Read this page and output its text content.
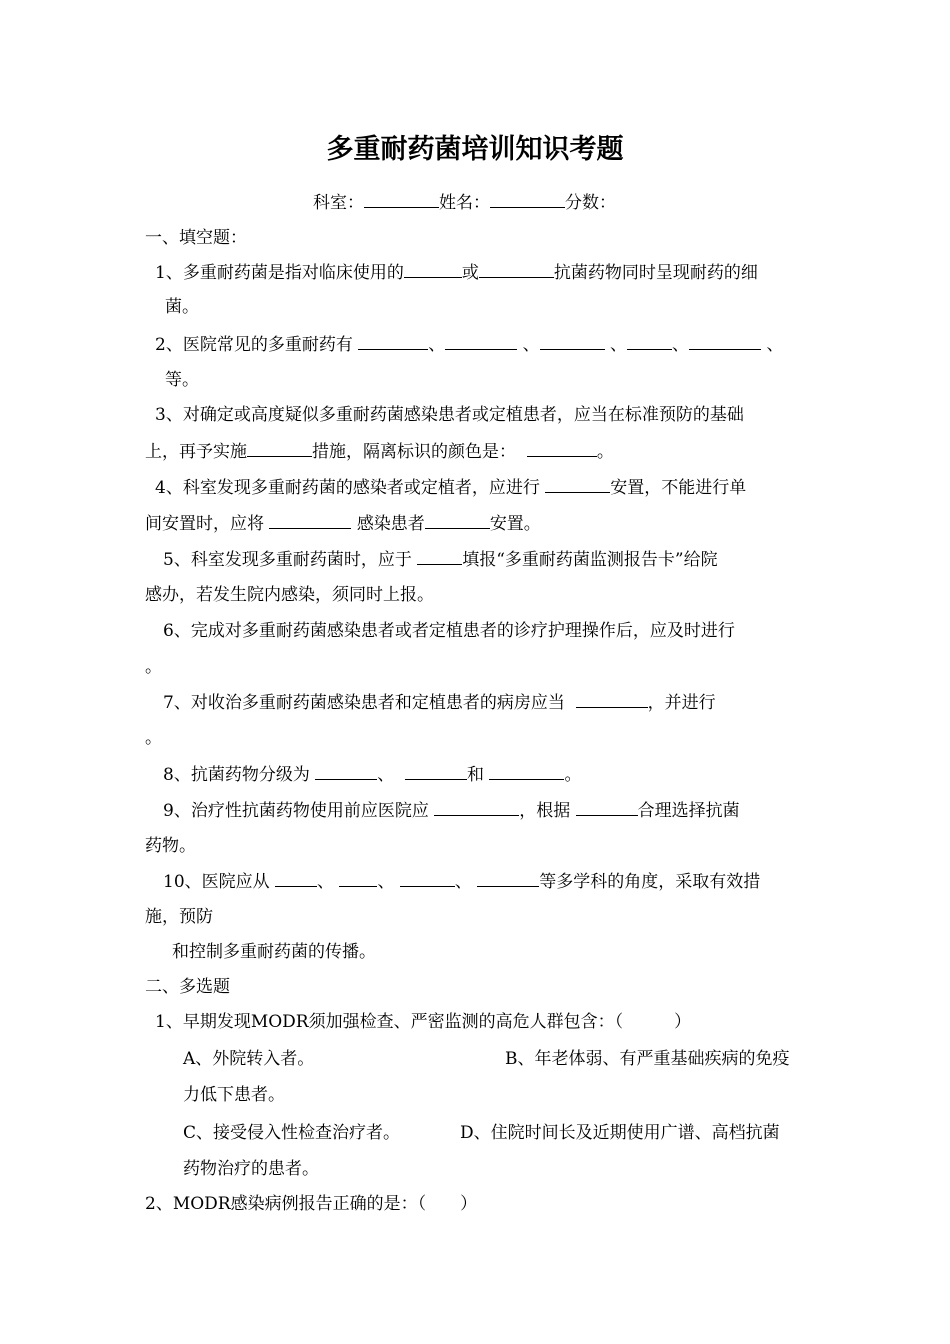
多重耐药菌培训知识考题
科室：	姓名：	分数：
一、填空题：
1、多重耐药菌是指对临床使用的	或	抗菌药物同时呈现耐药的细
菌。
2、医院常见的多重耐药有	、	、	、	、	、
等。
3、对确定或高度疑似多重耐药菌感染患者或定植患者，应当在标准预防的基础
上，再予实施	措施，隔离标识的颜色是：	。
4、科室发现多重耐药菌的感染者或定植者，应进行	安置，不能进行单
间安置时，应将	感染患者	安置。
5、科室发现多重耐药菌时，应于	填报“多重耐药菌监测报告卡”给院
感办，若发生院内感染，须同时上报。
6、完成对多重耐药菌感染患者或者定植患者的诊疗护理操作后，应及时进行
。
7、对收治多重耐药菌感染患者和定植患者的病房应当	，并进行
。
8、抗菌药物分级为	、	和	。
9、治疗性抗菌药物使用前应医院应	，根据	合理选择抗菌
药物。
10、医院应从	、	、	、	等多学科的角度，采取有效措
施，预防
和控制多重耐药菌的传播。
二、多选题
1、早期发现MODR须加强检查、严密监测的高危人群包含：（　　　）
A、外院转入者。	B、年老体弱、有严重基础疾病的免疫
力低下患者。
C、接受侵入性检查治疗者。	D、住院时间长及近期使用广谱、高档抗菌
药物治疗的患者。
2、MODR感染病例报告正确的是：（　　）
